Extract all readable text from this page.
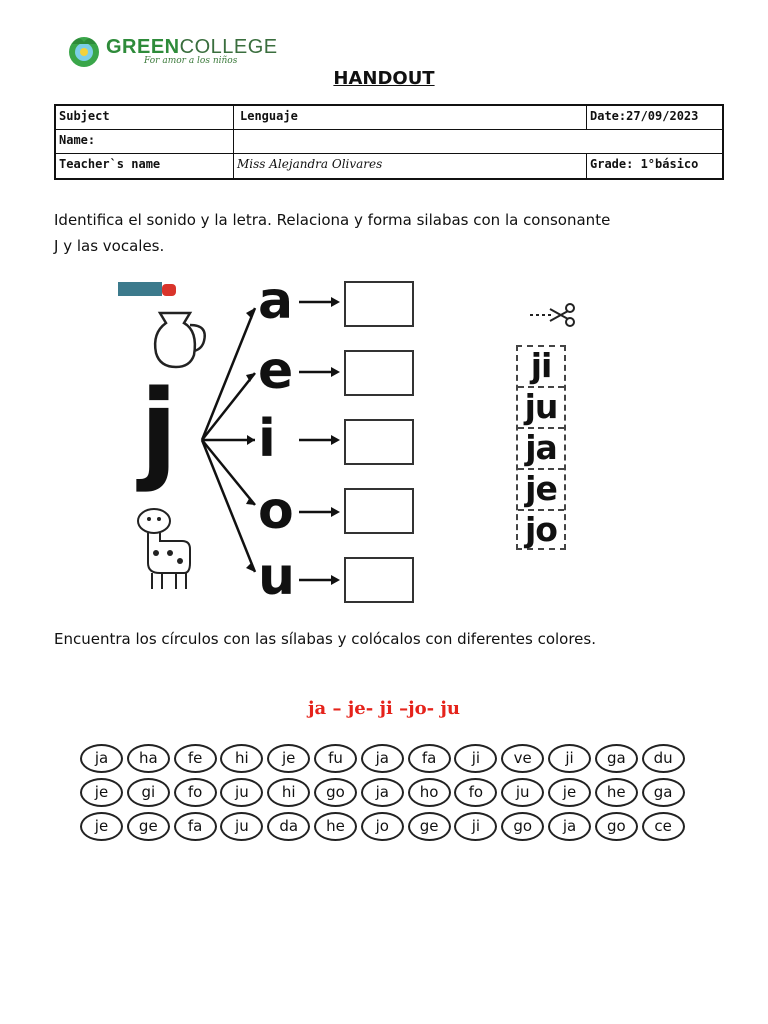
GREENCOLLEGE
For amor a los niños
HANDOUT
Subject	Lenguaje	Date:27/09/2023
Name:
Teacher`s name	Miss Alejandra Olivares	Grade: 1°básico
Identifica el sonido y la letra. Relaciona y forma silabas con la consonante
J y las vocales.
j
a
e
i
o
u
ji
ju
ja
je
jo
Encuentra los círculos con las sílabas y colócalos con diferentes colores.
ja – je- ji –jo- ju
ja	ha	fe	hi	je	fu	ja	fa	ji	ve	ji	ga	du
je	gi	fo	ju	hi	go	ja	ho	fo	ju	je	he	ga
je	ge	fa	ju	da	he	jo	ge	ji	go	ja	go	ce
